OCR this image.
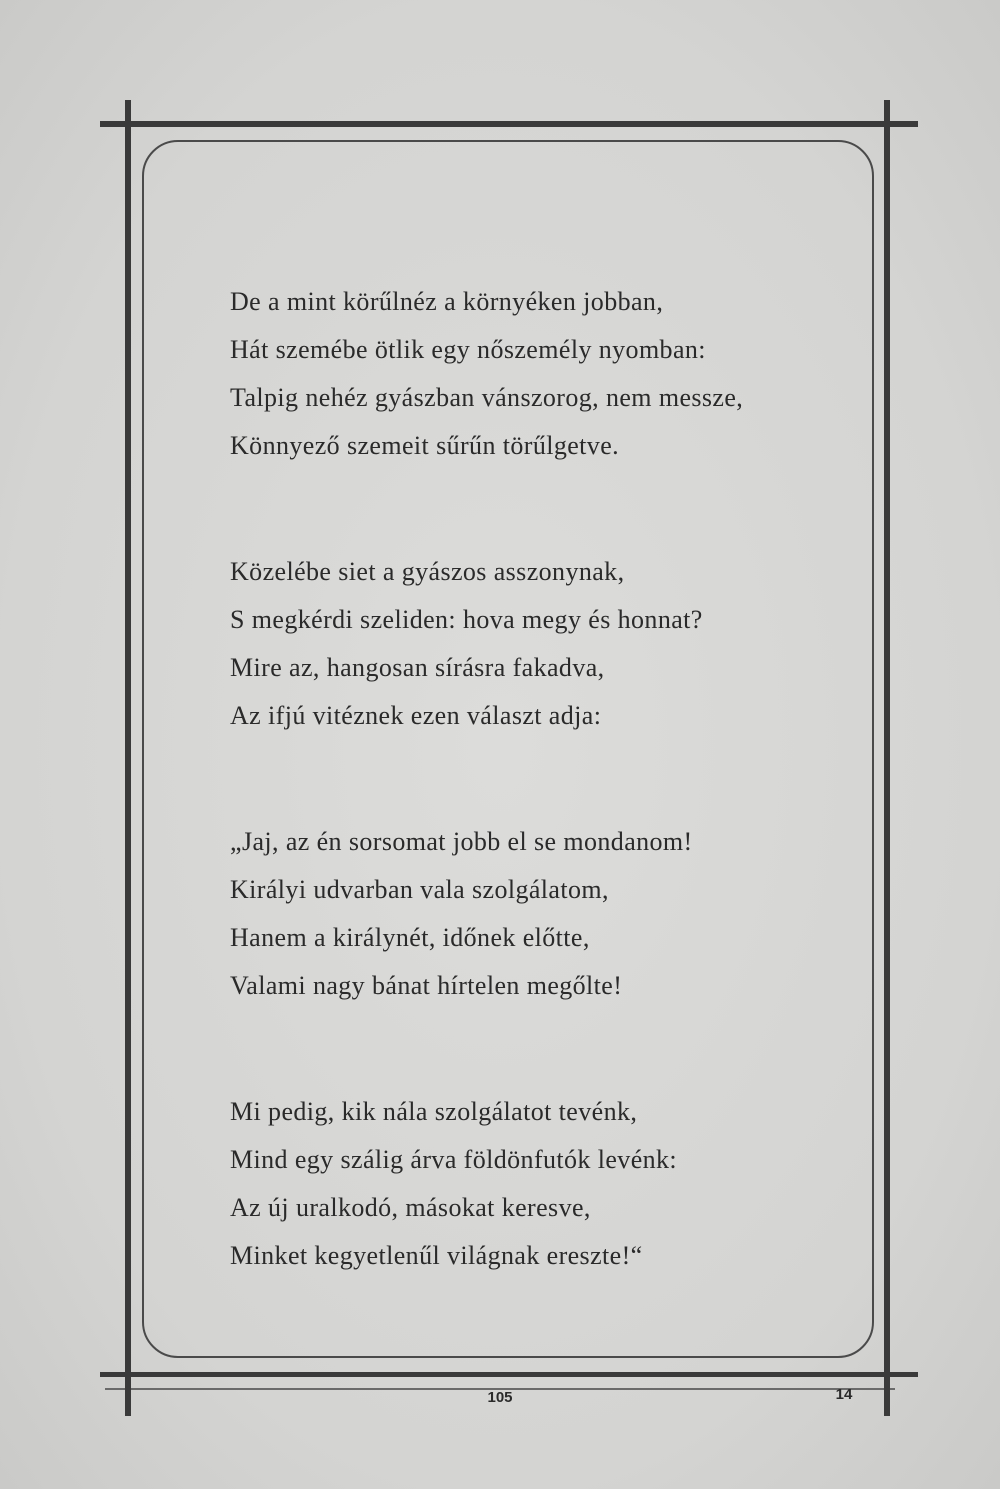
De a mint körűlnéz a környéken jobban,
Hát szemébe ötlik egy nőszemély nyomban:
Talpig nehéz gyászban vánszorog, nem messze,
Könnyező szemeit sűrűn törűlgetve.
Közelébe siet a gyászos asszonynak,
S megkérdi szeliden: hova megy és honnat?
Mire az, hangosan sírásra fakadva,
Az ifjú vitéznek ezen választ adja:
„Jaj, az én sorsomat jobb el se mondanom!
Királyi udvarban vala szolgálatom,
Hanem a királynét, időnek előtte,
Valami nagy bánat hírtelen megőlte!
Mi pedig, kik nála szolgálatot tevénk,
Mind egy szálig árva földönfutók levénk:
Az új uralkodó, másokat keresve,
Minket kegyetlenűl világnak ereszte!“
105	14
